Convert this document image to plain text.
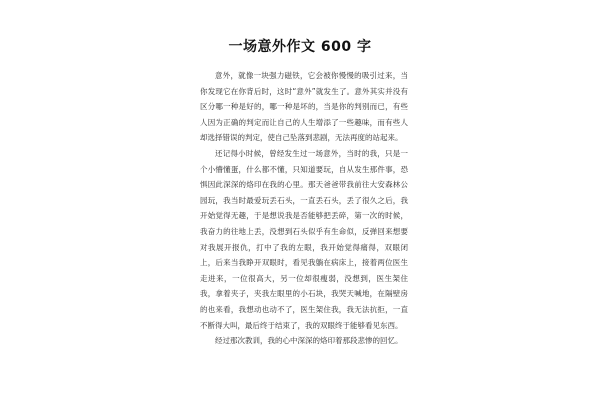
一场意外作文 600 字

意外，就像一块强力磁铁，它会被你慢慢的吸引过来，当你发现它在你背后时，这时“意外”就发生了。意外其实并没有区分哪一种是好的，哪一种是坏的，当是你的判别而已，有些人因为正确的判定而让自己的人生增添了一些趣味，而有些人却选择错误的判定，使自己坠落到悲剧，无法再度的站起来。

还记得小时候，曾经发生过一场意外，当时的我，只是一个小懵懂蛋，什么都不懂，只知道要玩，自从发生那件事，恐惧因此深深的烙印在我的心里。那天爸爸带我前往大安森林公园玩，我当时最爱玩丢石头，一直丢石头，丢了很久之后，我开始觉得无趣，于是想说我是否能够把丢碎，第一次的时候，我奋力的往地上丢，没想到石头似乎有生命似，反弹回来想要对我展开报仇，打中了我的左眼，我开始觉得痛得，双眼闭上，后来当我睁开双眼时，看见我躺在病床上，接着两位医生走进来，一位很高大，另一位却很瘦弱，没想到，医生架住我，拿着夹子，夹我左眼里的小石块，我哭天喊地，在隔壁房的也来看，我想动也动不了，医生架住我，我无法抗拒，一直不断得大叫，最后终于结束了，我的双眼终于能够看见东西。

经过那次教训，我的心中深深的烙印着那段悲惨的回忆。
